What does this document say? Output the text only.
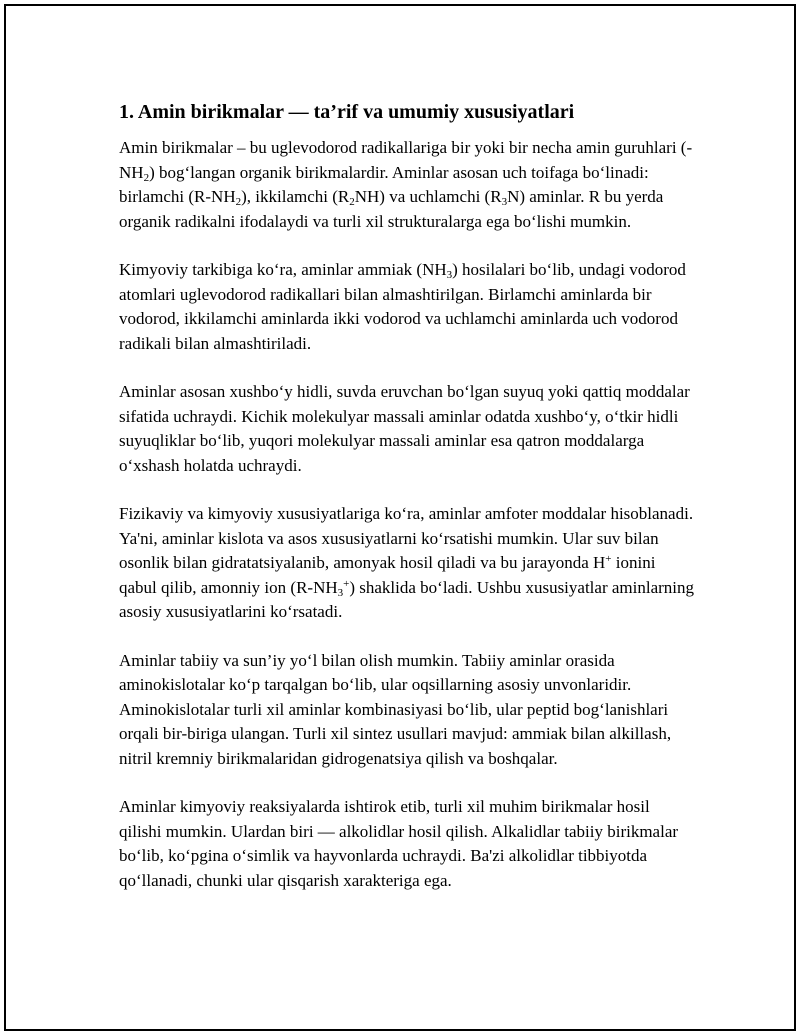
1. Amin birikmalar — ta’rif va umumiy xususiyatlari

Amin birikmalar – bu uglevodorod radikallariga bir yoki bir necha amin guruhlari $(-NH_2)$ bog‘langan organik birikmalardir. Aminlar asosan uch toifaga bo‘linadi: birlamchi $(R-NH_2)$, ikkilamchi $(R_2NH)$ va uchlamchi $(R_3N)$ aminlar. R bu yerda organik radikalni ifodalaydi va turli xil strukturalarga ega bo‘lishi mumkin.

Kimyoviy tarkibiga ko‘ra, aminlar ammiak $(NH_3)$ hosilalari bo‘lib, undagi vodorod atomlari uglevodorod radikallari bilan almashtirilgan. Birlamchi aminlarda bir vodorod, ikkilamchi aminlarda ikki vodorod va uchlamchi aminlarda uch vodorod radikali bilan almashtiriladi.

Aminlar asosan xushbo‘y hidli, suvda eruvchan bo‘lgan suyuq yoki qattiq moddalar sifatida uchraydi. Kichik molekulyar massali aminlar odatda xushbo‘y, o‘tkir hidli suyuqliklar bo‘lib, yuqori molekulyar massali aminlar esa qatron moddalarga o‘xshash holatda uchraydi.

Fizikaviy va kimyoviy xususiyatlariga ko‘ra, aminlar amfoter moddalar hisoblanadi. Ya'ni, aminlar kislota va asos xususiyatlarni ko‘rsatishi mumkin. Ular suv bilan osonlik bilan gidratatsiyalanib, amonyak hosil qiladi va bu jarayonda H+ ionini qabul qilib, amonniy ion $(R-NH_3^+)$ shaklida bo‘ladi. Ushbu xususiyatlar aminlarning asosiy xususiyatlarini ko‘rsatadi.

Aminlar tabiiy va sun’iy yo‘l bilan olish mumkin. Tabiiy aminlar orasida aminokislotalar ko‘p tarqalgan bo‘lib, ular oqsillarning asosiy unvonlaridir. Aminokislotalar turli xil aminlar kombinasiyasi bo‘lib, ular peptid bog‘lanishlari orqali bir-biriga ulangan. Turli xil sintez usullari mavjud: ammiak bilan alkillash, nitril kremniy birikmalaridan gidrogenatsiya qilish va boshqalar.

Aminlar kimyoviy reaksiyalarda ishtirok etib, turli xil muhim birikmalar hosil qilishi mumkin. Ulardan biri — alkolidlar hosil qilish. Alkalidlar tabiiy birikmalar bo‘lib, ko‘pgina o‘simlik va hayvonlarda uchraydi. Ba'zi alkolidlar tibbiyotda qo‘llanadi, chunki ular qisqarish xarakteriga ega.
